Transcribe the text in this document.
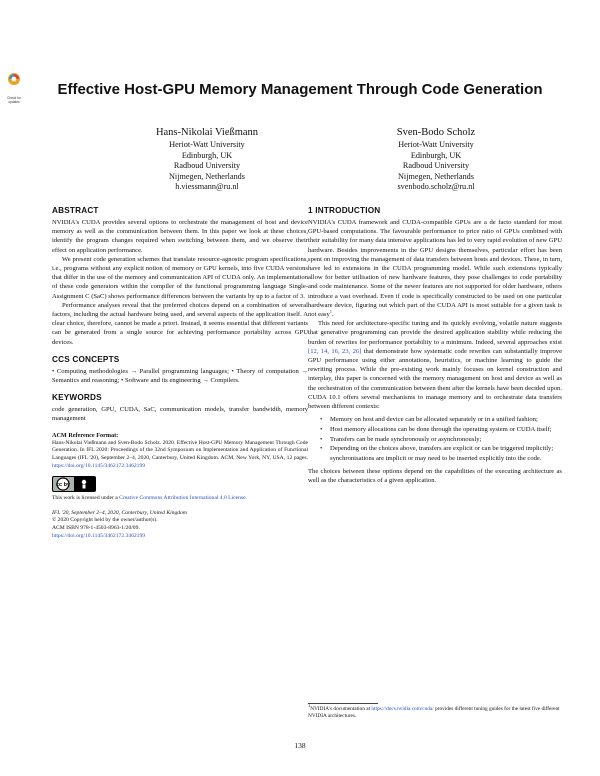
Check for updates
Effective Host-GPU Memory Management Through Code Generation
Hans-Nikolai Vießmann
Heriot-Watt University
Edinburgh, UK
Radboud University
Nijmegen, Netherlands
h.viessmann@ru.nl
Sven-Bodo Scholz
Heriot-Watt University
Edinburgh, UK
Radboud University
Nijmegen, Netherlands
svenbodo.scholz@ru.nl
ABSTRACT

NVIDIA's CUDA provides several options to orchestrate the management of host and device memory as well as the communication between them. In this paper we look at these choices, identify the program changes required when switching between them, and we observe their effect on application performance.

We present code generation schemes that translate resource-agnostic program specifications, i.e., programs without any explicit notion of memory or GPU kernels, into five CUDA versions that differ in the use of the memory and communication API of CUDA only. An implementation of these code generators within the compiler of the functional programming language Single-Assignment C (SaC) shows performance differences between the variants by up to a factor of 3.

Performance analyses reveal that the preferred choices depend on a combination of several factors, including the actual hardware being used, and several aspects of the application itself. A clear choice, therefore, cannot be made a priori. Instead, it seems essential that different variants can be generated from a single source for achieving performance portability across GPU devices.

CCS CONCEPTS

• Computing methodologies → Parallel programming languages; • Theory of computation → Semantics and reasoning; • Software and its engineering → Compilers.

KEYWORDS

code generation, GPU, CUDA, SaC, communication models, transfer bandwidth, memory management

ACM Reference Format:

Hans-Nikolai Vießmann and Sven-Bodo Scholz. 2020. Effective Host-GPU Memory Management Through Code Generation. In IFL 2020: Proceedings of the 32nd Symposium on Implementation and Application of Functional Languages (IFL '20), September 2–4, 2020, Canterbury, United Kingdom. ACM, New York, NY, USA, 12 pages. https://doi.org/10.1145/3462172.3462199

cc by

This work is licensed under a Creative Commons Attribution International 4.0 License.

IFL '20, September 2–4, 2020, Canterbury, United Kingdom
© 2020 Copyright held by the owner/author(s).
ACM ISBN 978-1-4503-8963-1/20/09.
https://doi.org/10.1145/3462172.3462199
1 INTRODUCTION

NVIDIA's CUDA framework and CUDA-compatible GPUs are a de facto standard for most GPU-based computations. The favourable performance to price ratio of GPUs combined with their suitability for many data intensive applications has led to very rapid evolution of new GPU hardware. Besides improvements in the GPU designs themselves, particular effort has been spent on improving the management of data transfers between hosts and devices. These, in turn, have led to extensions in the CUDA programming model. While such extensions typically allow for better utilisation of new hardware features, they pose challenges to code portability and code maintenance. Some of the newer features are not supported for older hardware, others introduce a vast overhead. Even if code is specifically constructed to be used on one particular hardware device, figuring out which part of the CUDA API is most suitable for a given task is not easy$^1$.

This need for architecture-specific tuning and its quickly evolving, volatile nature suggests that generative programming can provide the desired application stability while reducing the burden of rewrites for performance portability to a minimum. Indeed, several approaches exist [12, 14, 16, 23, 26] that demonstrate how systematic code rewrites can substantially improve GPU performance using either annotations, heuristics, or machine learning to guide the rewriting process. While the pre-existing work mainly focuses on kernel construction and interplay, this paper is concerned with the memory management on host and device as well as the orchestration of the communication between them after the kernels have been decided upon. CUDA 10.1 offers several mechanisms to manage memory and to orchestrate data transfers between different contexts:

• Memory on host and device can be allocated separately or in a unified fashion;
• Host memory allocations can be done through the operating system or CUDA itself;
• Transfers can be made synchronously or asynchronously;
• Depending on the choices above, transfers are explicit or can be triggered implicitly; synchronisations are implicit or may need to be inserted explicitly into the code.

The choices between these options depend on the capabilities of the executing architecture as well as the characteristics of a given application.

$^1$NVIDIA's documentation at https://docs.nvidia.com/cuda/ provides different tuning guides for the latest five different NVIDIA architectures.
138
